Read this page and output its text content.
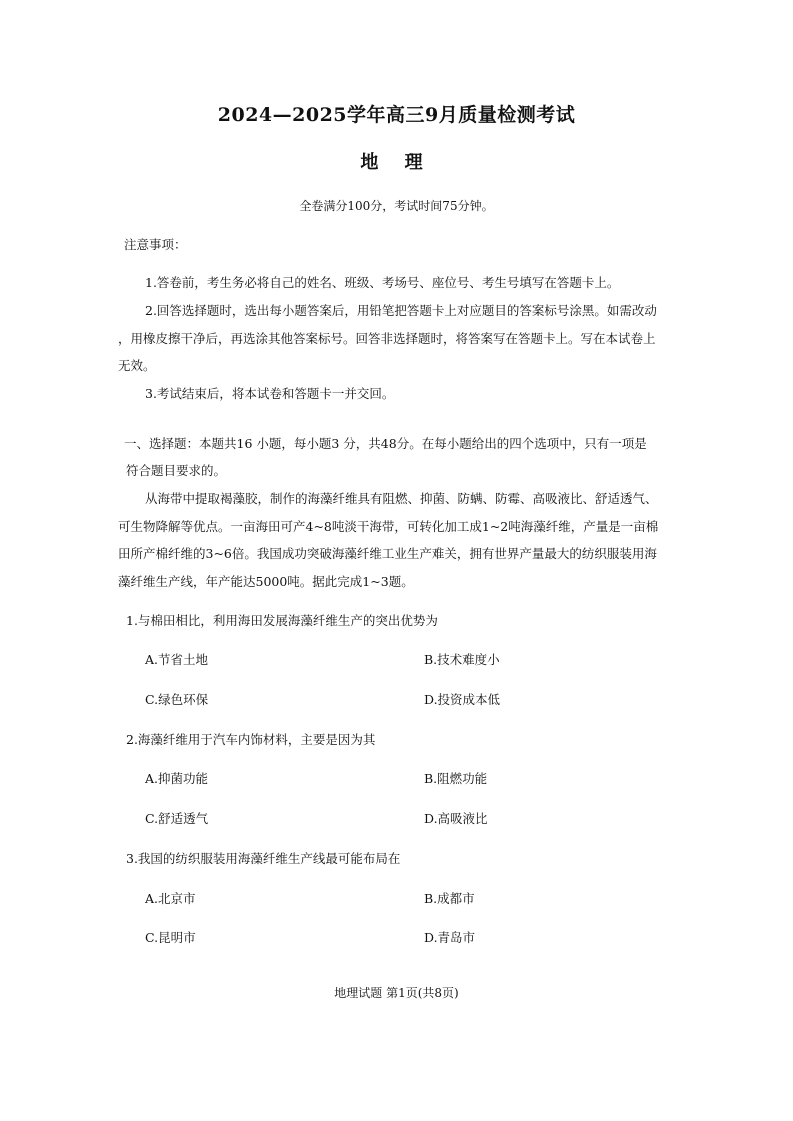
2024—2025学年高三9月质量检测考试
地 理
全卷满分100分，考试时间75分钟。
注意事项：
1.答卷前，考生务必将自己的姓名、班级、考场号、座位号、考生号填写在答题卡上。
2.回答选择题时，选出每小题答案后，用铅笔把答题卡上对应题目的答案标号涂黑。如需改动
，用橡皮擦干净后，再选涂其他答案标号。回答非选择题时，将答案写在答题卡上。写在本试卷上
无效。
3.考试结束后，将本试卷和答题卡一并交回。
一、选择题：本题共16 小题，每小题3 分，共48分。在每小题给出的四个选项中，只有一项是
符合题目要求的。
从海带中提取褐藻胶，制作的海藻纤维具有阻燃、抑菌、防螨、防霉、高吸液比、舒适透气、
可生物降解等优点。一亩海田可产4~8吨淡干海带，可转化加工成1~2吨海藻纤维，产量是一亩棉
田所产棉纤维的3~6倍。我国成功突破海藻纤维工业生产难关，拥有世界产量最大的纺织服装用海
藻纤维生产线，年产能达5000吨。据此完成1~3题。
1.与棉田相比，利用海田发展海藻纤维生产的突出优势为
A.节省土地	B.技术难度小
C.绿色环保	D.投资成本低
2.海藻纤维用于汽车内饰材料，主要是因为其
A.抑菌功能	B.阻燃功能
C.舒适透气	D.高吸液比
3.我国的纺织服装用海藻纤维生产线最可能布局在
A.北京市	B.成都市
C.昆明市	D.青岛市
地理试题 第1页(共8页)
